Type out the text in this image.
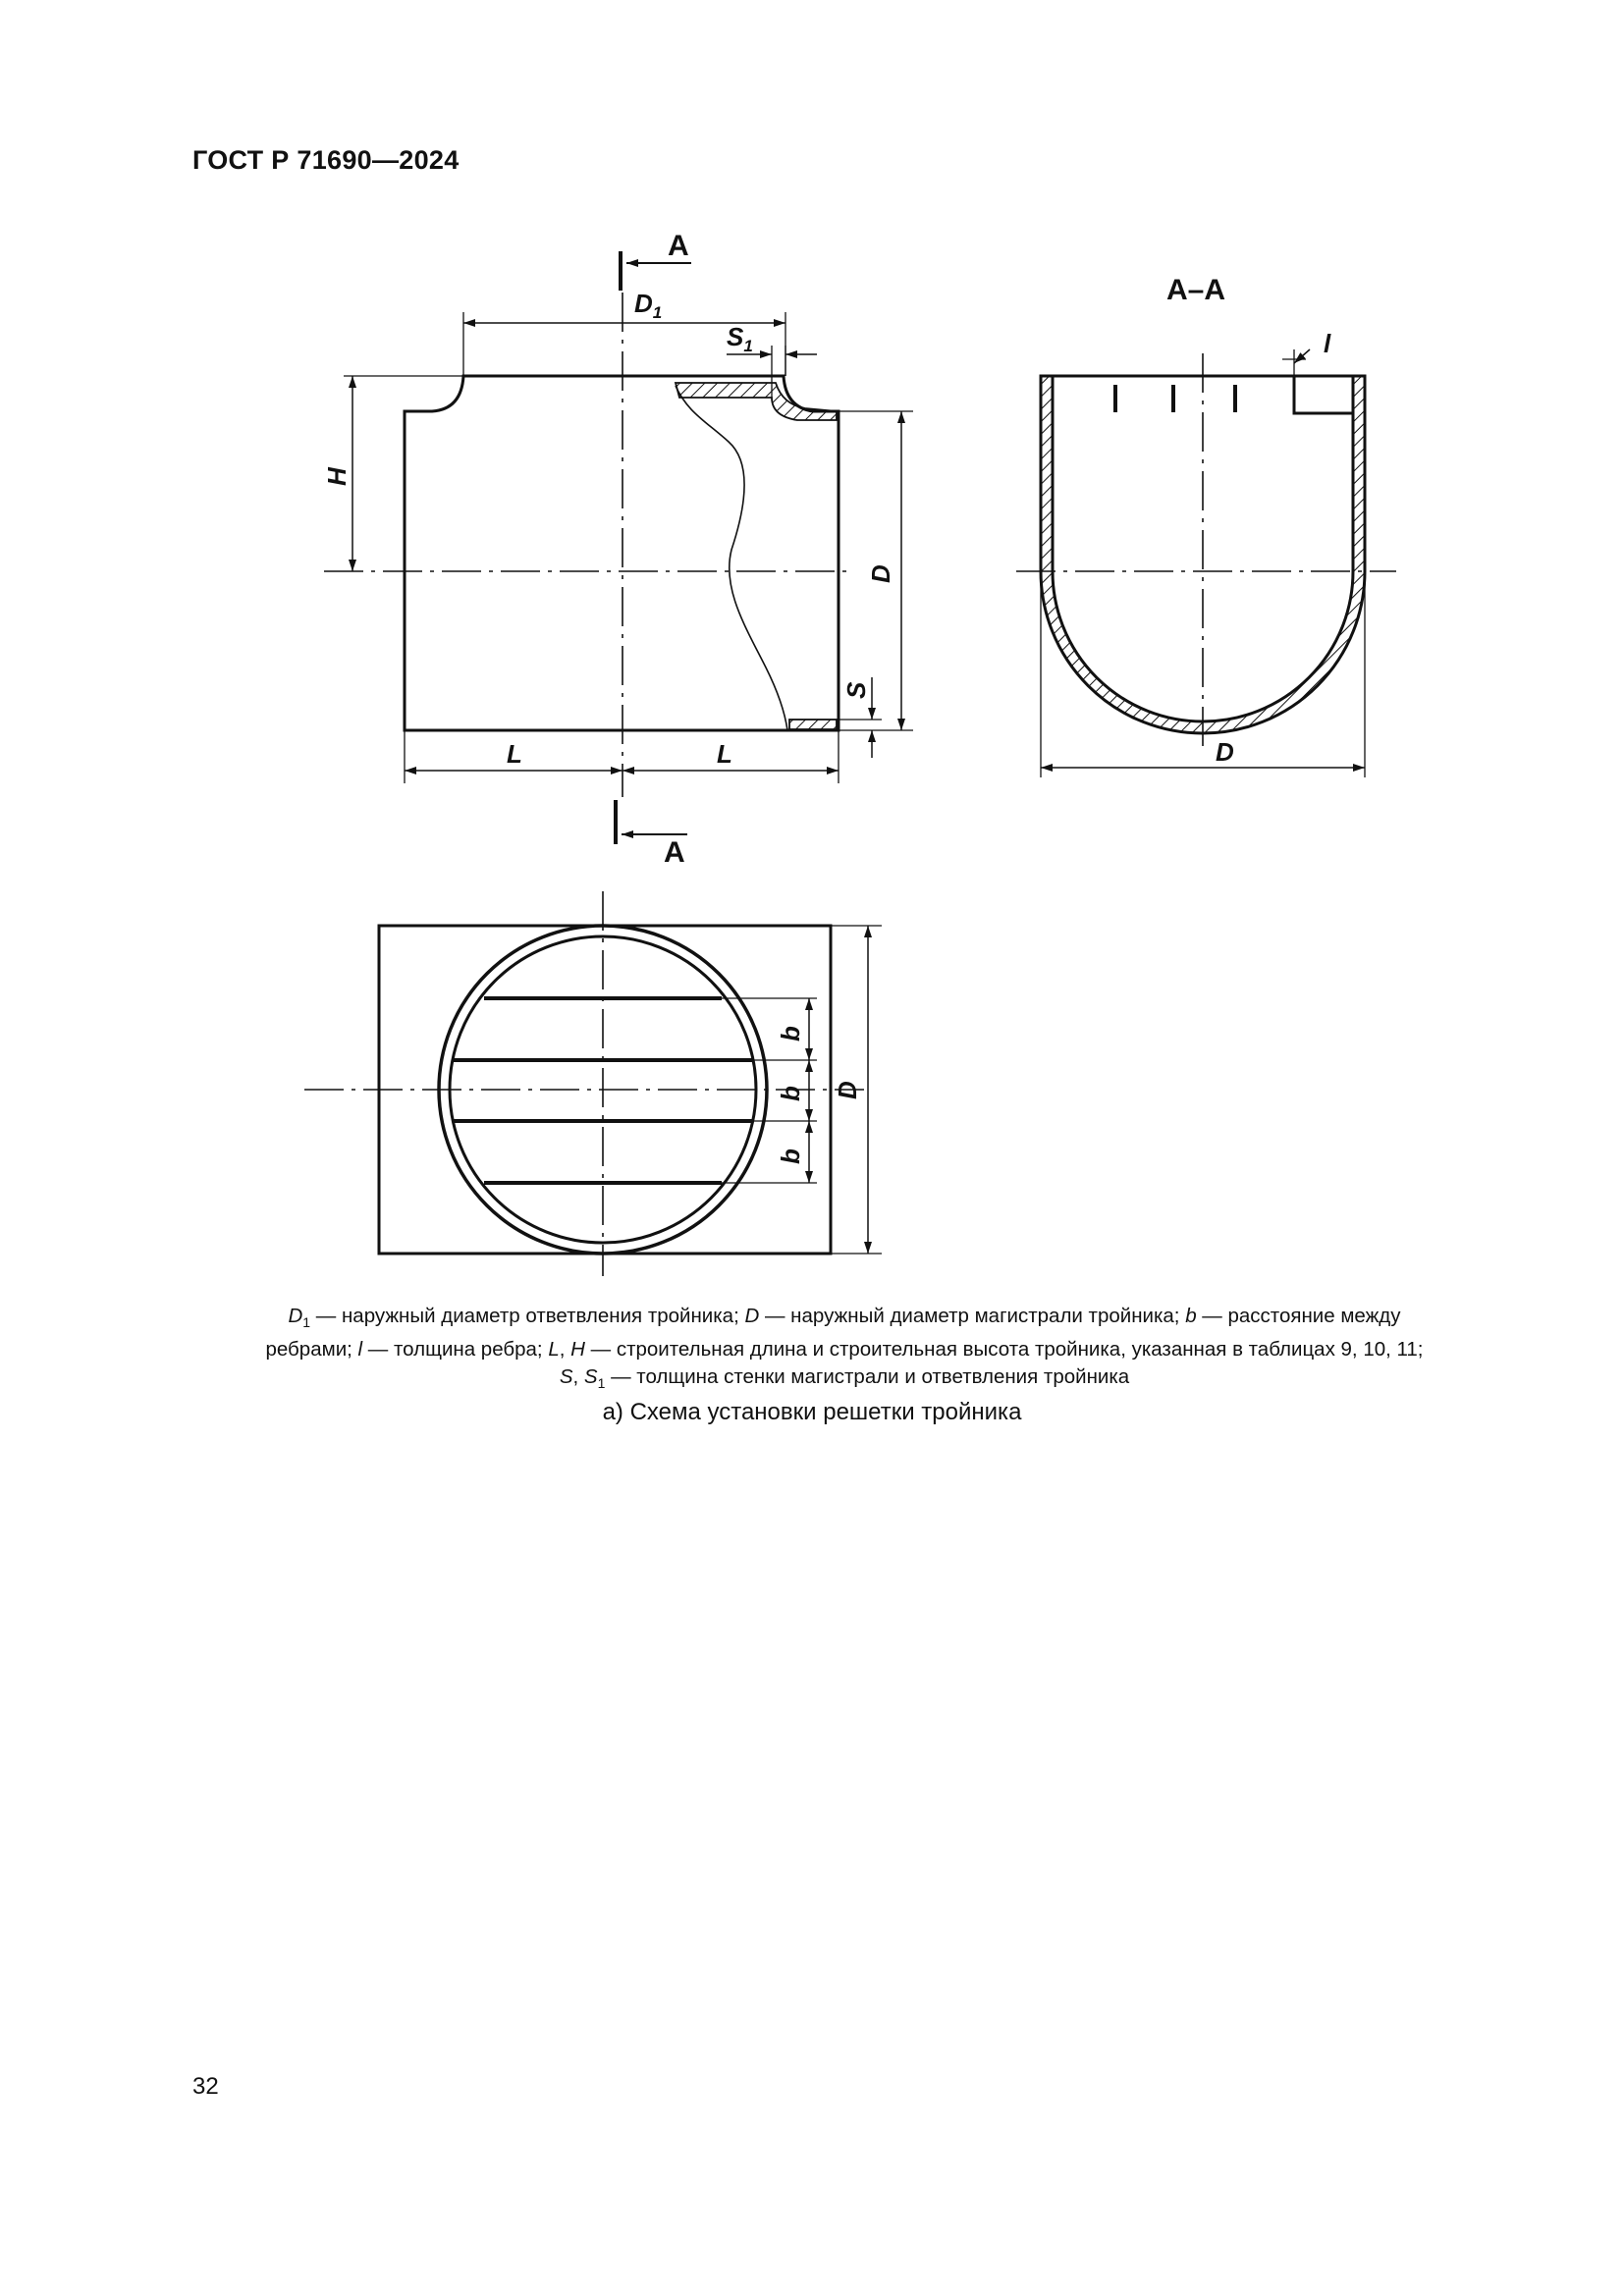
ГОСТ Р 71690—2024
A
A
$D_1$
$S_1$
H
D
S
L	L
A–A
l
D
b
b
b
D
$D_1$ — наружный диаметр ответвления тройника; D — наружный диаметр магистрали тройника; b — расстояние между ребрами; l — толщина ребра; L, H — строительная длина и строительная высота тройника, указанная в таблицах 9, 10, 11; S, $S_1$ — толщина стенки магистрали и ответвления тройника
а) Схема установки решетки тройника
32
